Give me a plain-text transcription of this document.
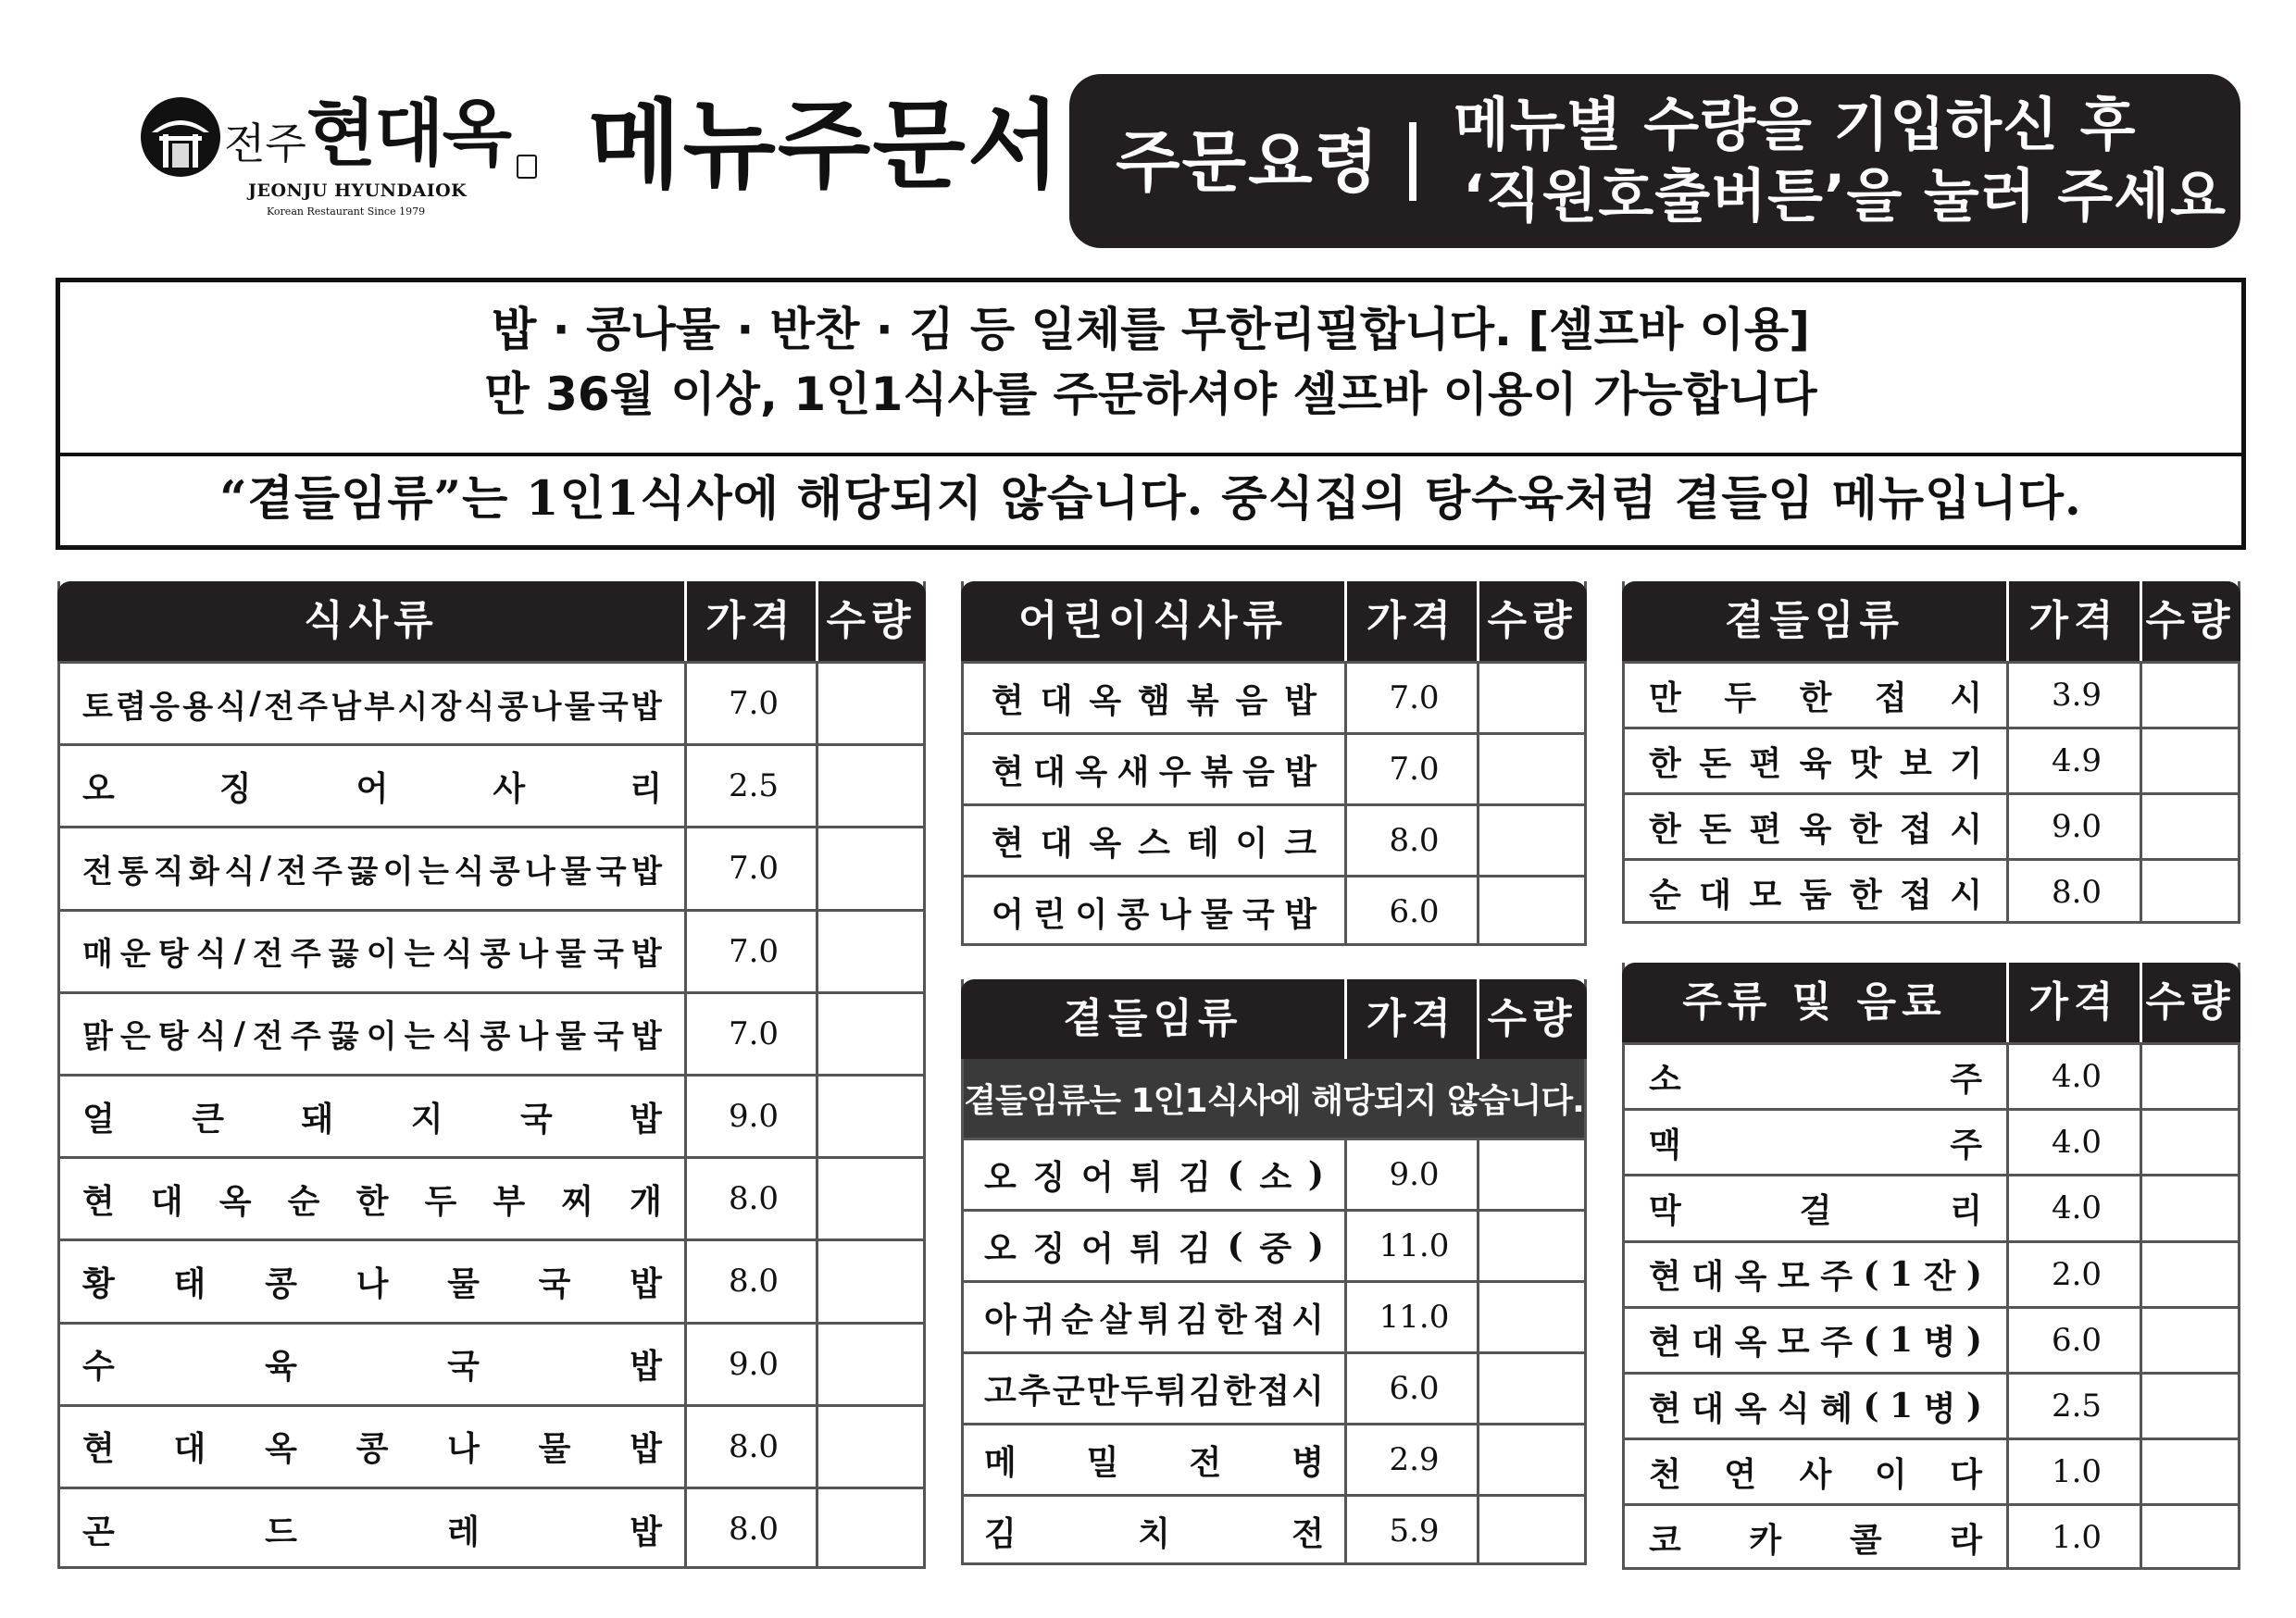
전주현대옥
JEONJU HYUNDAIOK
Korean Restaurant Since 1979
메뉴주문서 주문요령 메뉴별 수량을 기입하신 후
‘직원호출버튼’을 눌러 주세요
밥 · 콩나물 · 반찬 · 김 등 일체를 무한리필합니다. [셀프바 이용]
만 36월 이상, 1인1식사를 주문하셔야 셀프바 이용이 가능합니다
“곁들임류”는 1인1식사에 해당되지 않습니다. 중식집의 탕수육처럼 곁들임 메뉴입니다.
식사류	가격 수량
토 렴 응 용 식 / 전 주 남 부 시 장 식 콩 나 물 국 밥	7.0
오	징	어	사	리	2.5
전 통 직 화 식 / 전 주 끓 이 는 식 콩 나 물 국 밥	7.0
매 운 탕 식 / 전 주 끓 이 는 식 콩 나 물 국 밥	7.0
맑 은 탕 식 / 전 주 끓 이 는 식 콩 나 물 국 밥	7.0
얼 큰 돼 지 국 밥	9.0
현 대 옥 순 한 두 부 찌 개	8.0
황 태 콩 나 물 국 밥	8.0
수	육	국	밥	9.0
현 대 옥 콩 나 물 밥	8.0
곤	드	레	밥	8.0
어린이식사류	가격 수량
현 대 옥 햄 볶 음 밥	7.0
현 대 옥 새 우 볶 음 밥	7.0
현 대 옥 스 테 이 크	8.0
어 린 이 콩 나 물 국 밥	6.0
곁들임류	가격 수량
곁들임류는 1인1식사에 해당되지 않습니다.
오 징 어 튀 김 ( 소 )	9.0
오 징 어 튀 김 ( 중 )	11.0
아 귀 순 살 튀 김 한 접 시	11.0
고 추 군 만 두 튀 김 한 접 시	6.0
메 밀 전 병	2.9
김	치	전	5.9
곁들임류	가격 수량
만 두 한 접 시	3.9
한 돈 편 육 맛 보 기	4.9
한 돈 편 육 한 접 시	9.0
순 대 모 둠 한 접 시	8.0
주류 및 음료	가격 수량
소	주	4.0
맥	주	4.0
막	걸	리	4.0
현 대 옥 모 주 ( 1 잔 )	2.0
현 대 옥 모 주 ( 1 병 )	6.0
현 대 옥 식 혜 ( 1 병 )	2.5
천 연 사 이 다	1.0
코 카 콜 라	1.0
